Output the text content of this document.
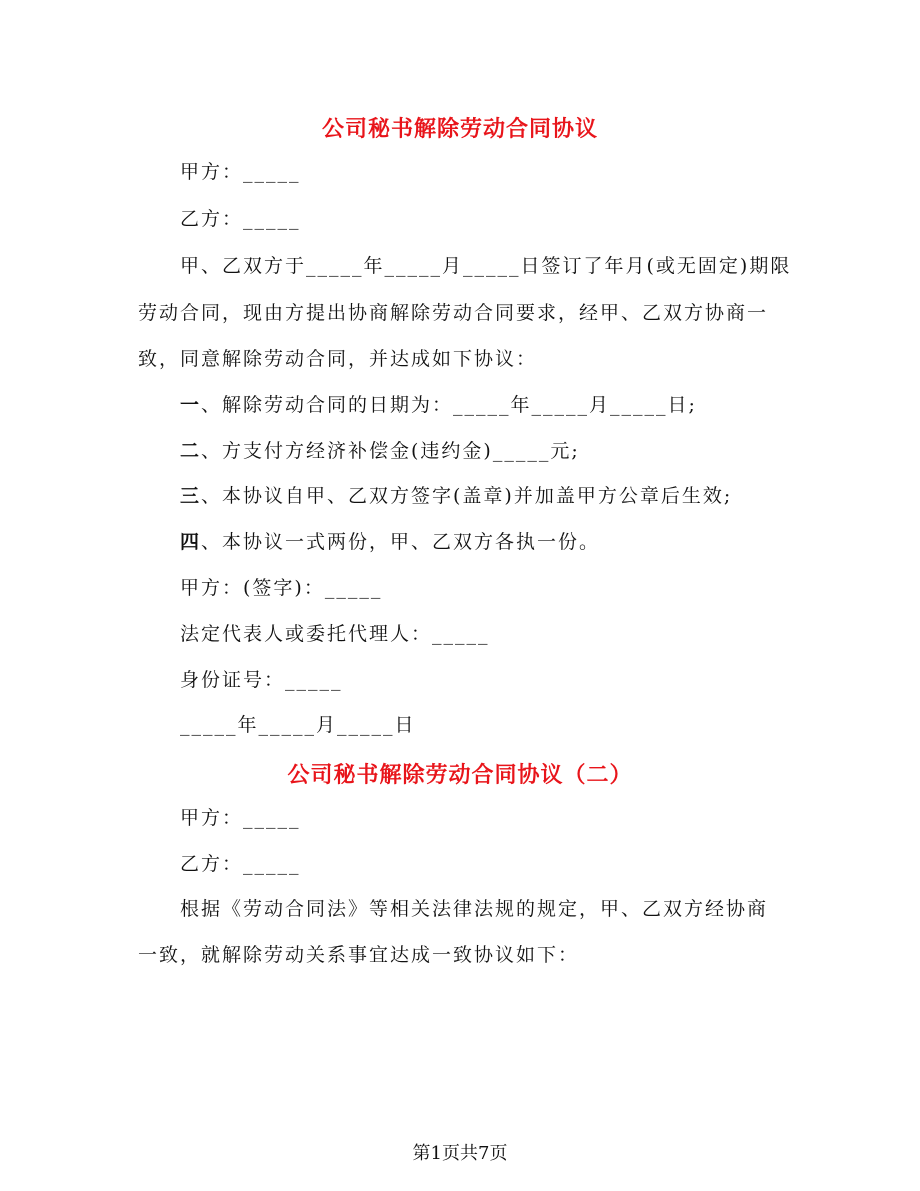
公司秘书解除劳动合同协议
甲方：_____
乙方：_____
甲、乙双方于_____年_____月_____日签订了年月(或无固定)期限
劳动合同，现由方提出协商解除劳动合同要求，经甲、乙双方协商一
致，同意解除劳动合同，并达成如下协议：
一、解除劳动合同的日期为：_____年_____月_____日;
二、方支付方经济补偿金(违约金)_____元;
三、本协议自甲、乙双方签字(盖章)并加盖甲方公章后生效;
四、本协议一式两份，甲、乙双方各执一份。
甲方：(签字)：_____
法定代表人或委托代理人：_____
身份证号：_____
_____年_____月_____日
公司秘书解除劳动合同协议（二）
甲方：_____
乙方：_____
根据《劳动合同法》等相关法律法规的规定，甲、乙双方经协商
一致，就解除劳动关系事宜达成一致协议如下：
第1页共7页
